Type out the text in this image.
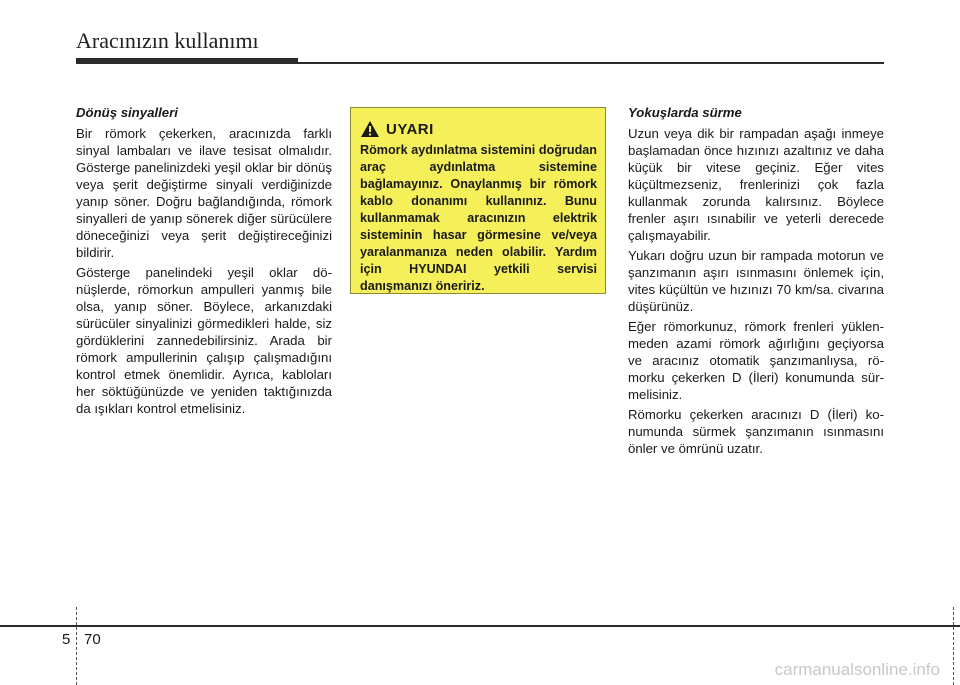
Aracınızın kullanımı
Dönüş sinyalleri

Bir römork çekerken, aracınızda farklı sinyal lambaları ve ilave tesisat olmalıdır. Gösterge panelinizdeki yeşil oklar bir dönüş veya şerit değiştirme sinyali verdiğinizde yanıp söner. Doğru bağlandığında, römork sinyalleri de yanıp sönerek diğer sürücülere döneceğinizi veya şerit değiştireceğinizi bildirir.

Gösterge panelindeki yeşil oklar dönüşlerde, römorkun ampulleri yanmış bile olsa, yanıp söner. Böylece, arkanızdaki sürücüler sinyalinizi görmedikleri halde, siz gördüklerini zannedebilirsiniz. Arada bir römork ampullerinin çalışıp çalışmadığını kontrol etmek önemlidir. Ayrıca, kabloları her söktüğünüzde ve yeniden taktığınızda da ışıkları kontrol etmelisiniz.

UYARI

Römork aydınlatma sistemini doğrudan araç aydınlatma sistemine bağlamayınız. Onaylanmış bir römork kablo donanımı kullanınız. Bunu kullanmamak aracınızın elektrik sisteminin hasar görmesine ve/veya yaralanmanıza neden olabilir. Yardım için HYUNDAI yetkili servisi danışmanızı öneririz.

Yokuşlarda sürme

Uzun veya dik bir rampadan aşağı inmeye başlamadan önce hızınızı azaltınız ve daha küçük bir vitese geçiniz. Eğer vites küçültmezseniz, frenlerinizi çok fazla kullanmak zorunda kalırsınız. Böylece frenler aşırı ısınabilir ve yeterli derecede çalışmayabilir.

Yukarı doğru uzun bir rampada motorun ve şanzımanın aşırı ısınmasını önlemek için, vites küçültün ve hızınızı 70 km/sa. civarına düşürünüz.

Eğer römorkunuz, römork frenleri yüklenmeden azami römork ağırlığını geçiyorsa ve aracınız otomatik şanzımanlıysa, römorku çekerken D (İleri) konumunda sürmelisiniz.

Römorku çekerken aracınızı D (İleri) konumunda sürmek şanzımanın ısınmasını önler ve ömrünü uzatır.

5 70
carmanualsonline.info
